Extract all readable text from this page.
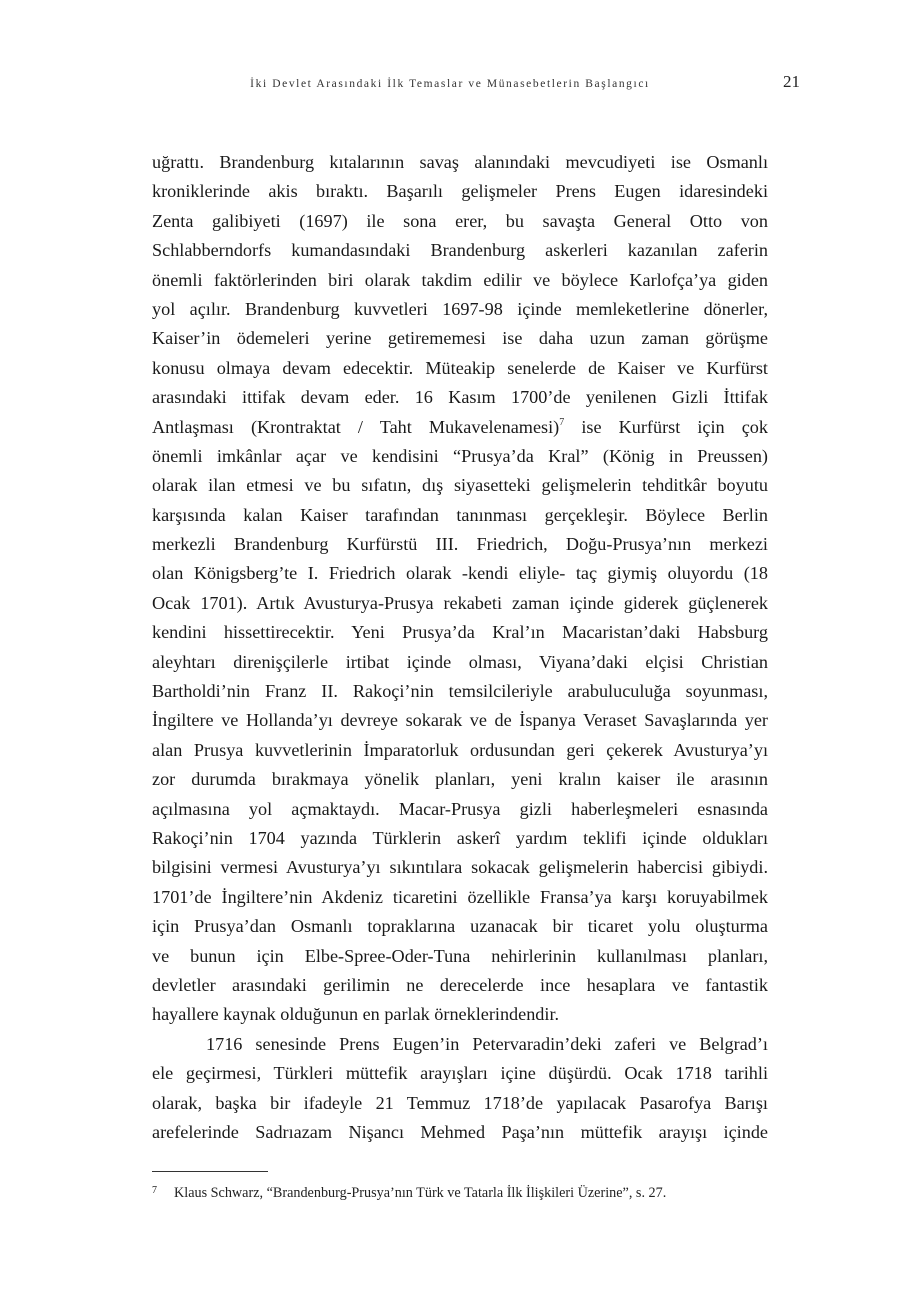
İki Devlet Arasındaki İlk Temaslar ve Münasebetlerin Başlangıcı	21
uğrattı. Brandenburg kıtalarının savaş alanındaki mevcudiyeti ise Osmanlı
kroniklerinde akis bıraktı. Başarılı gelişmeler Prens Eugen idaresindeki
Zenta galibiyeti (1697) ile sona erer, bu savaşta General Otto von
Schlabberndorfs kumandasındaki Brandenburg askerleri kazanılan zaferin
önemli faktörlerinden biri olarak takdim edilir ve böylece Karlofça’ya giden
yol açılır. Brandenburg kuvvetleri 1697-98 içinde memleketlerine dönerler,
Kaiser’in ödemeleri yerine getirememesi ise daha uzun zaman görüşme
konusu olmaya devam edecektir. Müteakip senelerde de Kaiser ve Kurfürst
arasındaki ittifak devam eder. 16 Kasım 1700’de yenilenen Gizli İttifak
Antlaşması (Krontraktat / Taht Mukavelenamesi)$^7$ ise Kurfürst için çok
önemli imkânlar açar ve kendisini “Prusya’da Kral” (König in Preussen)
olarak ilan etmesi ve bu sıfatın, dış siyasetteki gelişmelerin tehditkâr boyutu
karşısında kalan Kaiser tarafından tanınması gerçekleşir. Böylece Berlin
merkezli Brandenburg Kurfürstü III. Friedrich, Doğu-Prusya’nın merkezi
olan Königsberg’te I. Friedrich olarak -kendi eliyle- taç giymiş oluyordu (18
Ocak 1701). Artık Avusturya-Prusya rekabeti zaman içinde giderek güçlenerek
kendini hissettirecektir. Yeni Prusya’da Kral’ın Macaristan’daki Habsburg
aleyhtarı direnişçilerle irtibat içinde olması, Viyana’daki elçisi Christian
Bartholdi’nin Franz II. Rakoçi’nin temsilcileriyle arabuluculuğa soyunması,
İngiltere ve Hollanda’yı devreye sokarak ve de İspanya Veraset Savaşlarında yer
alan Prusya kuvvetlerinin İmparatorluk ordusundan geri çekerek Avusturya’yı
zor durumda bırakmaya yönelik planları, yeni kralın kaiser ile arasının
açılmasına yol açmaktaydı. Macar-Prusya gizli haberleşmeleri esnasında
Rakoçi’nin 1704 yazında Türklerin askerî yardım teklifi içinde oldukları
bilgisini vermesi Avusturya’yı sıkıntılara sokacak gelişmelerin habercisi gibiydi.
1701’de İngiltere’nin Akdeniz ticaretini özellikle Fransa’ya karşı koruyabilmek
için Prusya’dan Osmanlı topraklarına uzanacak bir ticaret yolu oluşturma
ve bunun için Elbe-Spree-Oder-Tuna nehirlerinin kullanılması planları,
devletler arasındaki gerilimin ne derecelerde ince hesaplara ve fantastik
hayallere kaynak olduğunun en parlak örneklerindendir.
1716 senesinde Prens Eugen’in Petervaradin’deki zaferi ve Belgrad’ı
ele geçirmesi, Türkleri müttefik arayışları içine düşürdü. Ocak 1718 tarihli
olarak, başka bir ifadeyle 21 Temmuz 1718’de yapılacak Pasarofya Barışı
arefelerinde Sadrıazam Nişancı Mehmed Paşa’nın müttefik arayışı içinde
7 Klaus Schwarz, “Brandenburg-Prusya’nın Türk ve Tatarla İlk İlişkileri Üzerine”, s. 27.
